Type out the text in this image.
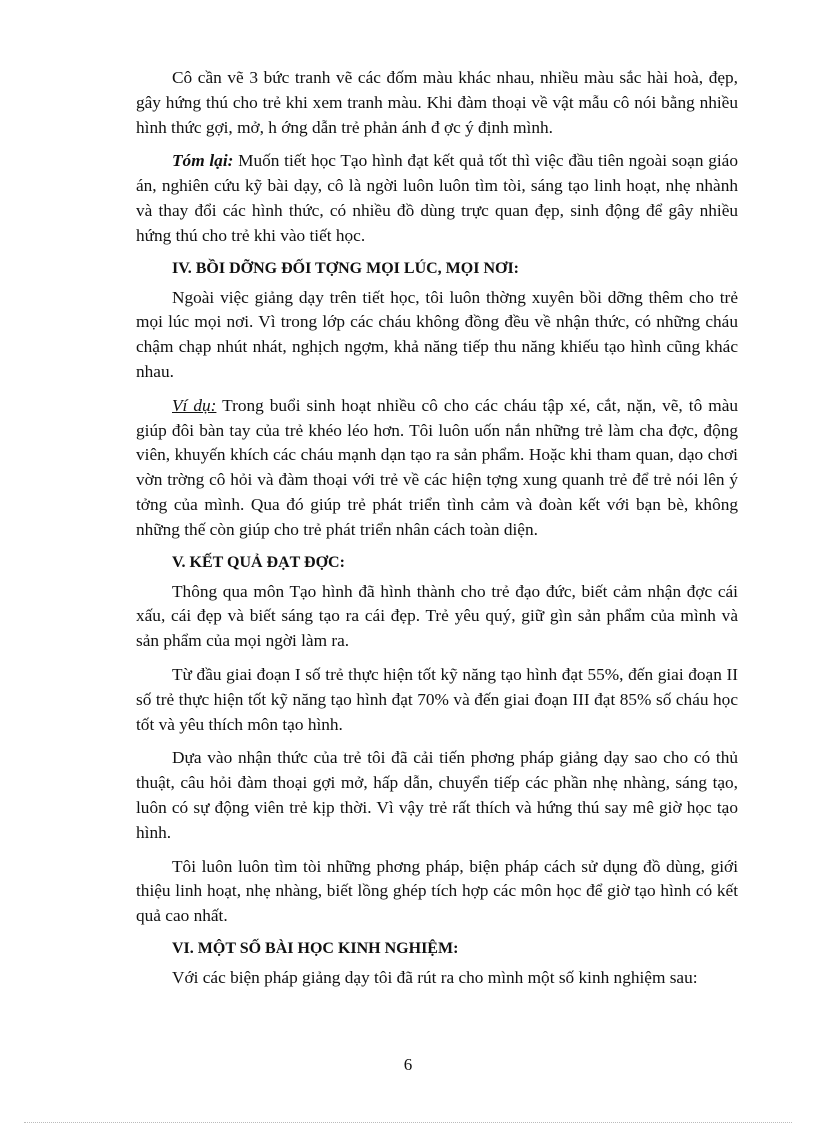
Cô cần vẽ 3 bức tranh vẽ các đốm màu khác nhau, nhiều màu sắc hài hoà, đẹp, gây hứng thú cho trẻ khi xem tranh màu. Khi đàm thoại về vật mẫu cô nói bằng nhiều hình thức gợi, mở, h ớng dẫn trẻ phản ánh đ ợc ý định mình.

Tóm lại: Muốn tiết học Tạo hình đạt kết quả tốt thì việc đầu tiên ngoài soạn giáo án, nghiên cứu kỹ bài dạy, cô là ngời luôn luôn tìm tòi, sáng tạo linh hoạt, nhẹ nhành và thay đổi các hình thức, có nhiều đồ dùng trực quan đẹp, sinh động để gây nhiều hứng thú cho trẻ khi vào tiết học.

IV. BỒI DỠNG ĐỐI TỢNG MỌI LÚC, MỌI NƠI:

Ngoài việc giảng dạy trên tiết học, tôi luôn thờng xuyên bồi dỡng thêm cho trẻ mọi lúc mọi nơi. Vì trong lớp các cháu không đồng đều về nhận thức, có những cháu chậm chạp nhút nhát, nghịch ngợm, khả năng tiếp thu năng khiếu tạo hình cũng khác nhau.

Ví dụ: Trong buổi sinh hoạt nhiều cô cho các cháu tập xé, cắt, nặn, vẽ, tô màu giúp đôi bàn tay của trẻ khéo léo hơn. Tôi luôn uốn nắn những trẻ làm cha đợc, động viên, khuyến khích các cháu mạnh dạn tạo ra sản phẩm. Hoặc khi tham quan, dạo chơi vờn trờng cô hỏi và đàm thoại với trẻ về các hiện tợng xung quanh trẻ để trẻ nói lên ý tởng của mình. Qua đó giúp trẻ phát triển tình cảm và đoàn kết với bạn bè, không những thế còn giúp cho trẻ phát triển nhân cách toàn diện.

V. KẾT QUẢ ĐẠT ĐỢC:

Thông qua môn Tạo hình đã hình thành cho trẻ đạo đức, biết cảm nhận đợc cái xấu, cái đẹp và biết sáng tạo ra cái đẹp. Trẻ yêu quý, giữ gìn sản phẩm của mình và sản phẩm của mọi ngời làm ra.

Từ đầu giai đoạn I số trẻ thực hiện tốt kỹ năng tạo hình đạt 55%, đến giai đoạn II số trẻ thực hiện tốt kỹ năng tạo hình đạt 70% và đến giai đoạn III đạt 85% số cháu học tốt và yêu thích môn tạo hình.

Dựa vào nhận thức của trẻ tôi đã cải tiến phơng pháp giảng dạy sao cho có thủ thuật, câu hỏi đàm thoại gợi mở, hấp dẫn, chuyển tiếp các phần nhẹ nhàng, sáng tạo, luôn có sự động viên trẻ kịp thời. Vì vậy trẻ rất thích và hứng thú say mê giờ học tạo hình.

Tôi luôn luôn tìm tòi những phơng pháp, biện pháp cách sử dụng đồ dùng, giới thiệu linh hoạt, nhẹ nhàng, biết lồng ghép tích hợp các môn học để giờ tạo hình có kết quả cao nhất.

VI. MỘT SỐ BÀI HỌC KINH NGHIỆM:

Với các biện pháp giảng dạy tôi đã rút ra cho mình một số kinh nghiệm sau:

6
